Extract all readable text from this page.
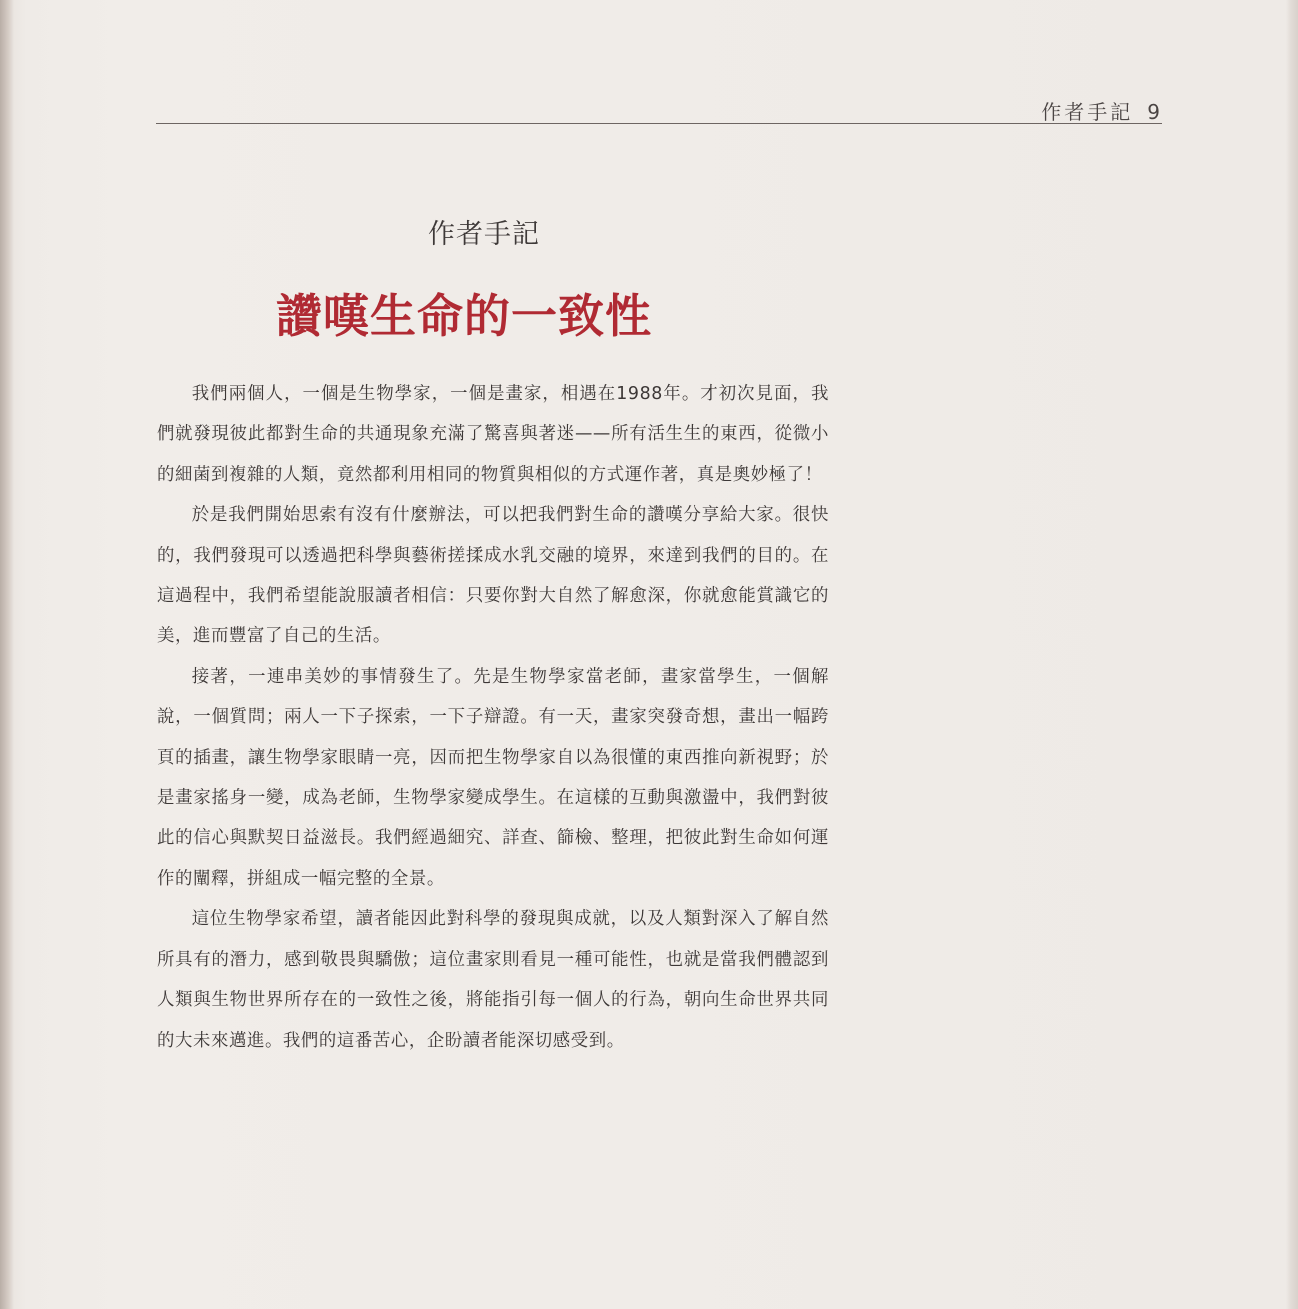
作者手記 9
作者手記
讚嘆生命的一致性

我們兩個人，一個是生物學家，一個是畫家，相遇在1988年。才初次見面，我們就發現彼此都對生命的共通現象充滿了驚喜與著迷——所有活生生的東西，從微小的細菌到複雜的人類，竟然都利用相同的物質與相似的方式運作著，真是奧妙極了！

於是我們開始思索有沒有什麼辦法，可以把我們對生命的讚嘆分享給大家。很快的，我們發現可以透過把科學與藝術搓揉成水乳交融的境界，來達到我們的目的。在這過程中，我們希望能說服讀者相信：只要你對大自然了解愈深，你就愈能賞識它的美，進而豐富了自己的生活。

接著，一連串美妙的事情發生了。先是生物學家當老師，畫家當學生，一個解說，一個質問；兩人一下子探索，一下子辯證。有一天，畫家突發奇想，畫出一幅跨頁的插畫，讓生物學家眼睛一亮，因而把生物學家自以為很懂的東西推向新視野；於是畫家搖身一變，成為老師，生物學家變成學生。在這樣的互動與激盪中，我們對彼此的信心與默契日益滋長。我們經過細究、詳查、篩檢、整理，把彼此對生命如何運作的闡釋，拼組成一幅完整的全景。

這位生物學家希望，讀者能因此對科學的發現與成就，以及人類對深入了解自然所具有的潛力，感到敬畏與驕傲；這位畫家則看見一種可能性，也就是當我們體認到人類與生物世界所存在的一致性之後，將能指引每一個人的行為，朝向生命世界共同的大未來邁進。我們的這番苦心，企盼讀者能深切感受到。
